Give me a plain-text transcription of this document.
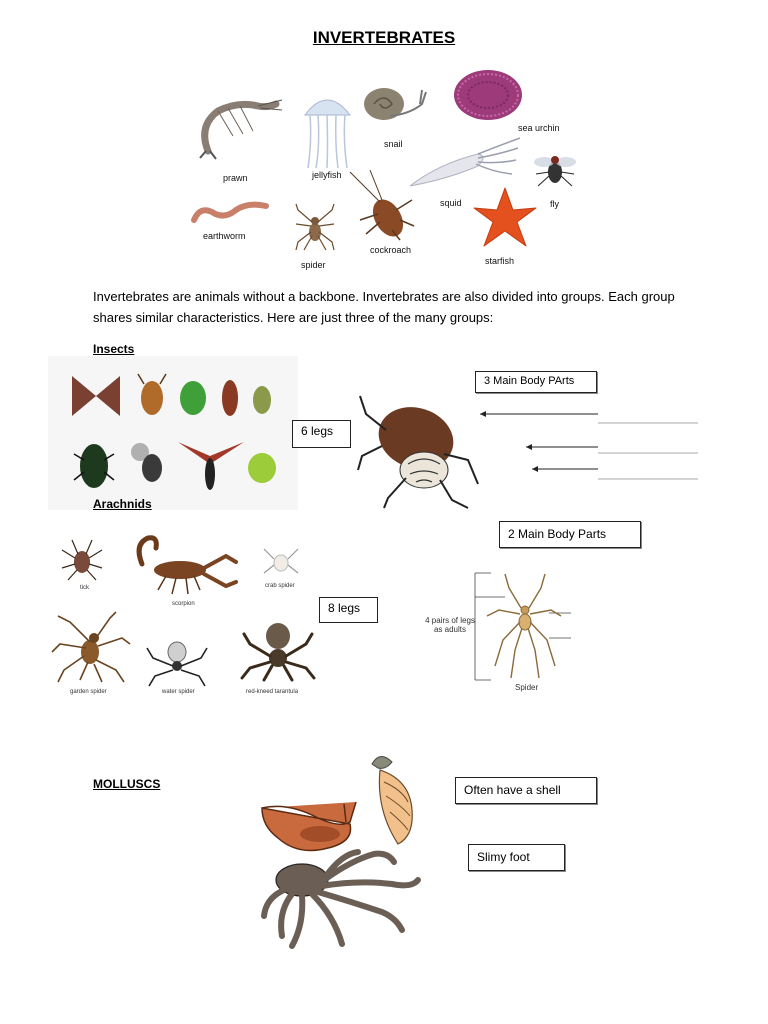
INVERTEBRATES
prawn	jellyfish
snail
sea urchin
squid	fly
earthworm
spider
cockroach
starfish
Invertebrates are animals without a backbone. Invertebrates are also divided into groups. Each group shares similar characteristics. Here are just three of the many groups:
Insects
6 legs
3 Main Body PArts
Arachnids
2 Main Body Parts
8 legs
tick
scorpion
crab spider
garden spider	water spider	red-kneed tarantula
4 pairs of legs as adults
Spider
MOLLUSCS	Often have a shell
Slimy foot
